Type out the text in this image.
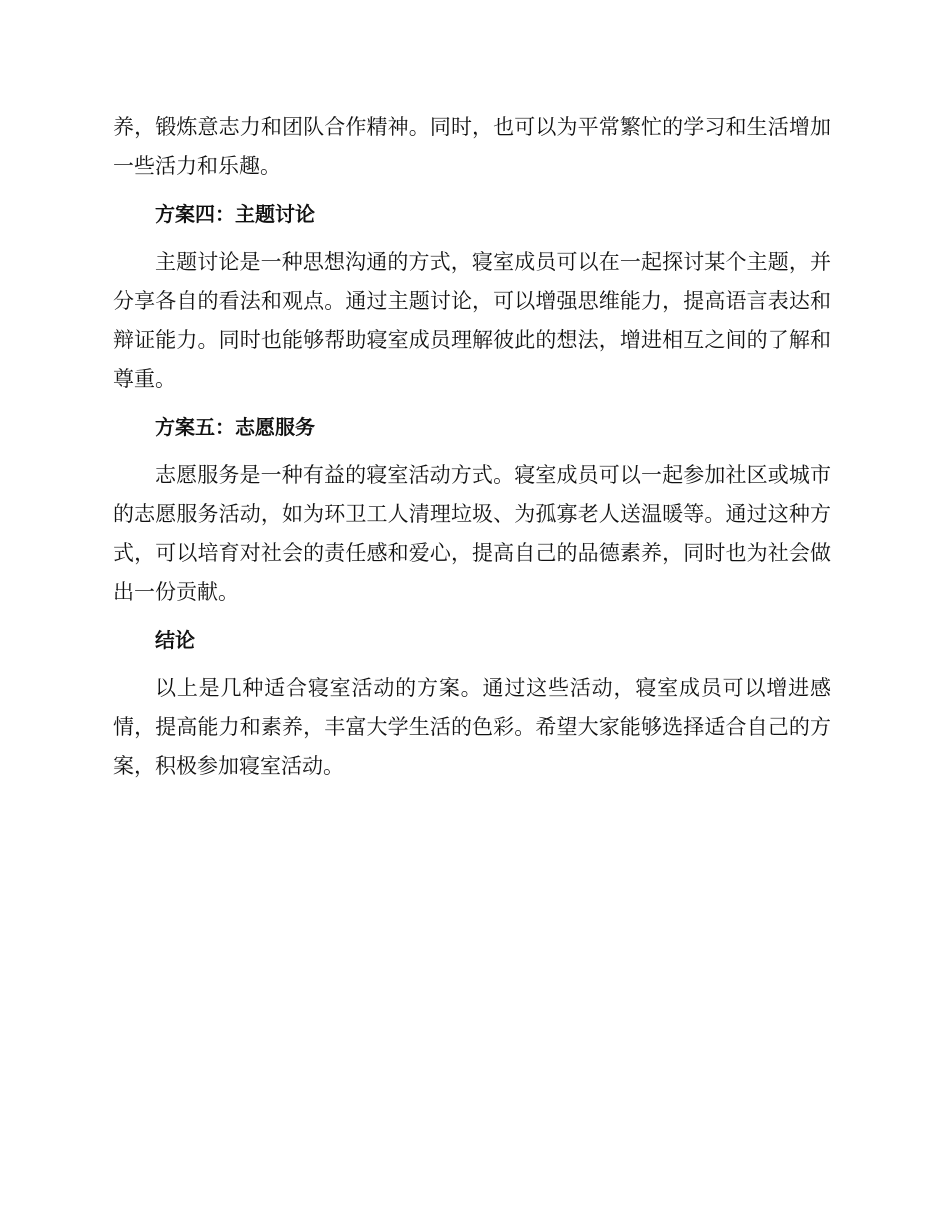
养，锻炼意志力和团队合作精神。同时，也可以为平常繁忙的学习和生活增加一些活力和乐趣。

方案四：主题讨论

主题讨论是一种思想沟通的方式，寝室成员可以在一起探讨某个主题，并分享各自的看法和观点。通过主题讨论，可以增强思维能力，提高语言表达和辩证能力。同时也能够帮助寝室成员理解彼此的想法，增进相互之间的了解和尊重。

方案五：志愿服务

志愿服务是一种有益的寝室活动方式。寝室成员可以一起参加社区或城市的志愿服务活动，如为环卫工人清理垃圾、为孤寡老人送温暖等。通过这种方式，可以培育对社会的责任感和爱心，提高自己的品德素养，同时也为社会做出一份贡献。

结论

以上是几种适合寝室活动的方案。通过这些活动，寝室成员可以增进感情，提高能力和素养，丰富大学生活的色彩。希望大家能够选择适合自己的方案，积极参加寝室活动。
